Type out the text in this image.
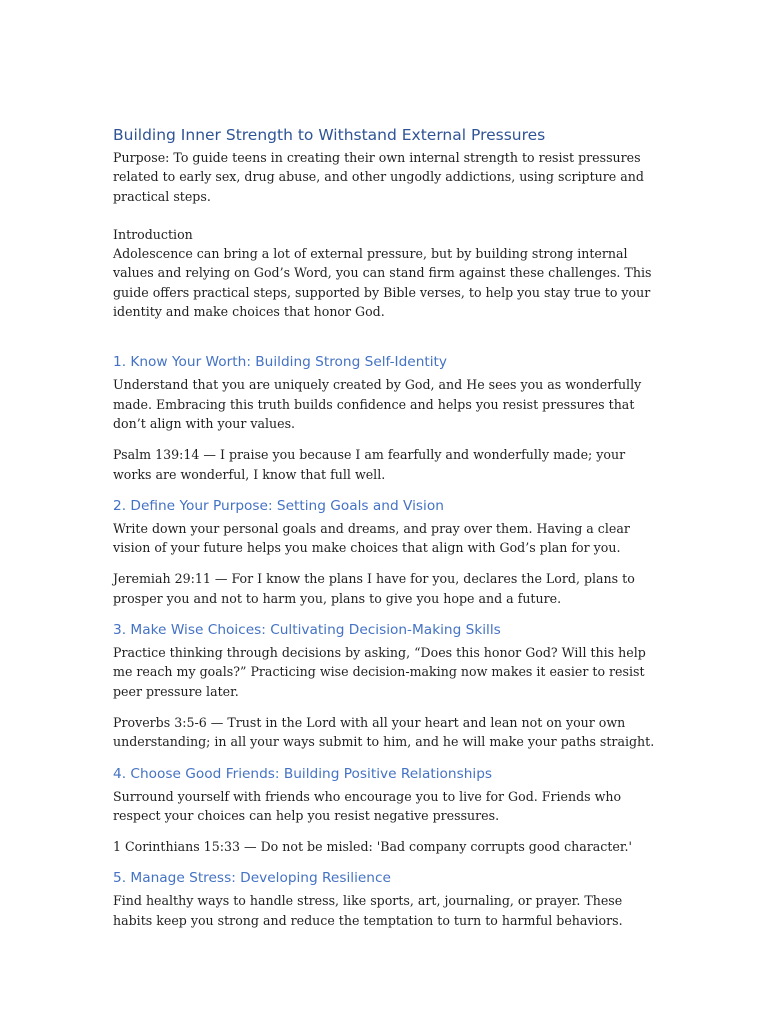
Building Inner Strength to Withstand External Pressures

Purpose: To guide teens in creating their own internal strength to resist pressures related to early sex, drug abuse, and other ungodly addictions, using scripture and practical steps.

Introduction

Adolescence can bring a lot of external pressure, but by building strong internal values and relying on God’s Word, you can stand firm against these challenges. This guide offers practical steps, supported by Bible verses, to help you stay true to your identity and make choices that honor God.

1. Know Your Worth: Building Strong Self-Identity

Understand that you are uniquely created by God, and He sees you as wonderfully made. Embracing this truth builds confidence and helps you resist pressures that don’t align with your values.

Psalm 139:14 — I praise you because I am fearfully and wonderfully made; your works are wonderful, I know that full well.

2. Define Your Purpose: Setting Goals and Vision

Write down your personal goals and dreams, and pray over them. Having a clear vision of your future helps you make choices that align with God’s plan for you.

Jeremiah 29:11 — For I know the plans I have for you, declares the Lord, plans to prosper you and not to harm you, plans to give you hope and a future.

3. Make Wise Choices: Cultivating Decision-Making Skills

Practice thinking through decisions by asking, “Does this honor God? Will this help me reach my goals?” Practicing wise decision-making now makes it easier to resist peer pressure later.

Proverbs 3:5-6 — Trust in the Lord with all your heart and lean not on your own understanding; in all your ways submit to him, and he will make your paths straight.

4. Choose Good Friends: Building Positive Relationships

Surround yourself with friends who encourage you to live for God. Friends who respect your choices can help you resist negative pressures.

1 Corinthians 15:33 — Do not be misled: 'Bad company corrupts good character.'

5. Manage Stress: Developing Resilience

Find healthy ways to handle stress, like sports, art, journaling, or prayer. These habits keep you strong and reduce the temptation to turn to harmful behaviors.
